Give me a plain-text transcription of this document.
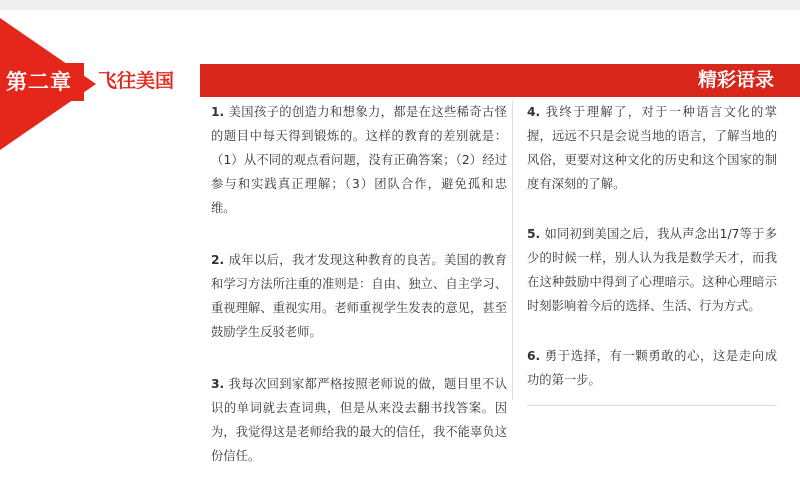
第二章 飞往美国	精彩语录

1. 美国孩子的创造力和想象力，都是在这些稀奇古怪的题目中每天得到锻炼的。这样的教育的差别就是：（1）从不同的观点看问题，没有正确答案；（2）经过参与和实践真正理解；（3）团队合作，避免孤和忠维。

2. 成年以后，我才发现这种教育的良苦。美国的教育和学习方法所注重的准则是：自由、独立、自主学习、重视理解、重视实用。老师重视学生发表的意见，甚至鼓励学生反驳老师。

3. 我每次回到家都严格按照老师说的做，题目里不认识的单词就去查词典，但是从来没去翻书找答案。因为，我觉得这是老师给我的最大的信任，我不能辜负这份信任。

4. 我终于理解了，对于一种语言文化的掌握，远远不只是会说当地的语言，了解当地的风俗，更要对这种文化的历史和这个国家的制度有深刻的了解。

5. 如同初到美国之后，我从声念出1/7等于多少的时候一样，别人认为我是数学天才，而我在这种鼓励中得到了心理暗示。这种心理暗示时刻影响着今后的选择、生活、行为方式。

6. 勇于选择，有一颗勇敢的心，这是走向成功的第一步。
